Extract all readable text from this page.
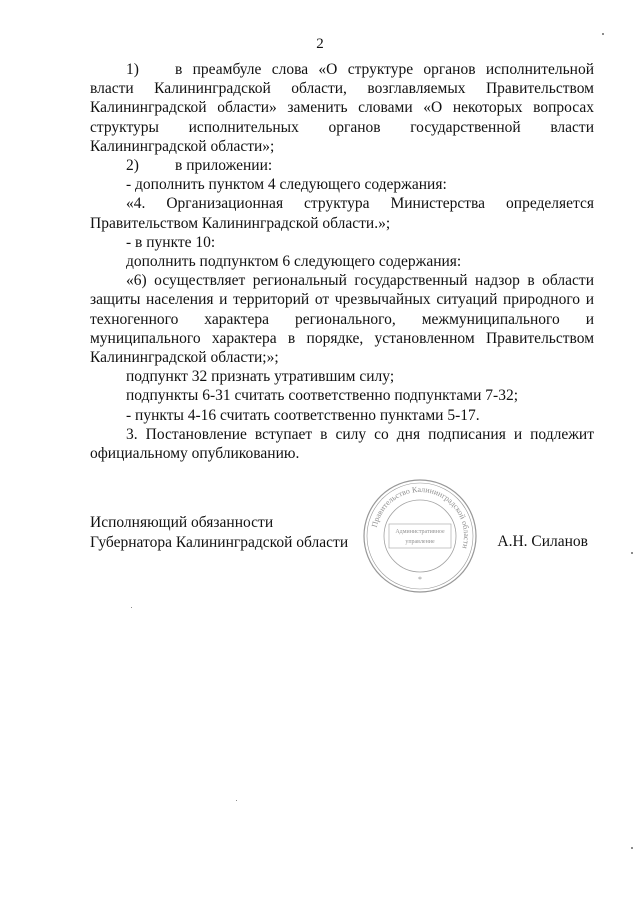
2

1) в преамбуле слова «О структуре органов исполнительной власти Калининградской области, возглавляемых Правительством Калининградской области» заменить словами «О некоторых вопросах структуры исполнительных органов государственной власти Калининградской области»;

2) в приложении:

- дополнить пунктом 4 следующего содержания:

«4. Организационная структура Министерства определяется Правительством Калининградской области.»;

- в пункте 10:

дополнить подпунктом 6 следующего содержания:

«6) осуществляет региональный государственный надзор в области защиты населения и территорий от чрезвычайных ситуаций природного и техногенного характера регионального, межмуниципального и муниципального характера в порядке, установленном Правительством Калининградской области;»;

подпункт 32 признать утратившим силу;

подпункты 6-31 считать соответственно подпунктами 7-32;

- пункты 4-16 считать соответственно пунктами 5-17.

3. Постановление вступает в силу со дня подписания и подлежит официальному опубликованию.

Правительство Калининградской области
Административное
управление
*
Исполняющий обязанности
Губернатора Калининградской области	А.Н. Силанов
